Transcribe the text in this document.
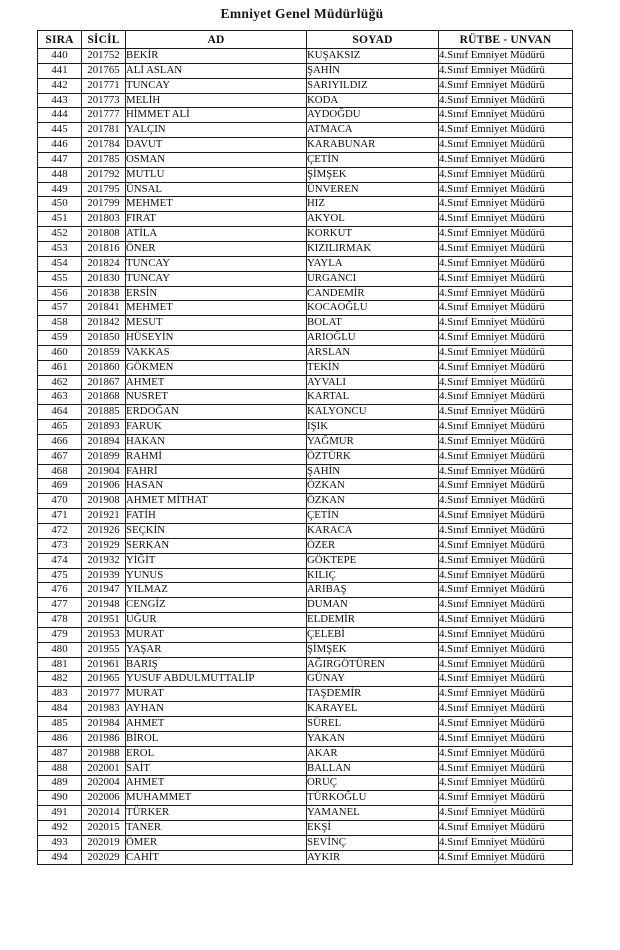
Emniyet Genel Müdürlüğü
SIRA	SİCİL	AD	SOYAD	RÜTBE - UNVAN
440	201752	BEKİR	KUŞAKSIZ	4.Sınıf Emniyet Müdürü
441	201765	ALİ ASLAN	ŞAHİN	4.Sınıf Emniyet Müdürü
442	201771	TUNCAY	SARIYILDIZ	4.Sınıf Emniyet Müdürü
443	201773	MELİH	KODA	4.Sınıf Emniyet Müdürü
444	201777	HİMMET ALİ	AYDOĞDU	4.Sınıf Emniyet Müdürü
445	201781	YALÇIN	ATMACA	4.Sınıf Emniyet Müdürü
446	201784	DAVUT	KARABUNAR	4.Sınıf Emniyet Müdürü
447	201785	OSMAN	ÇETİN	4.Sınıf Emniyet Müdürü
448	201792	MUTLU	ŞİMŞEK	4.Sınıf Emniyet Müdürü
449	201795	ÜNSAL	ÜNVEREN	4.Sınıf Emniyet Müdürü
450	201799	MEHMET	HIZ	4.Sınıf Emniyet Müdürü
451	201803	FIRAT	AKYOL	4.Sınıf Emniyet Müdürü
452	201808	ATİLA	KORKUT	4.Sınıf Emniyet Müdürü
453	201816	ÖNER	KIZILIRMAK	4.Sınıf Emniyet Müdürü
454	201824	TUNCAY	YAYLA	4.Sınıf Emniyet Müdürü
455	201830	TUNCAY	URGANCI	4.Sınıf Emniyet Müdürü
456	201838	ERSİN	CANDEMİR	4.Sınıf Emniyet Müdürü
457	201841	MEHMET	KOCAOĞLU	4.Sınıf Emniyet Müdürü
458	201842	MESUT	BOLAT	4.Sınıf Emniyet Müdürü
459	201850	HÜSEYİN	ARIOĞLU	4.Sınıf Emniyet Müdürü
460	201859	VAKKAS	ARSLAN	4.Sınıf Emniyet Müdürü
461	201860	GÖKMEN	TEKİN	4.Sınıf Emniyet Müdürü
462	201867	AHMET	AYVALI	4.Sınıf Emniyet Müdürü
463	201868	NUSRET	KARTAL	4.Sınıf Emniyet Müdürü
464	201885	ERDOĞAN	KALYONCU	4.Sınıf Emniyet Müdürü
465	201893	FARUK	IŞIK	4.Sınıf Emniyet Müdürü
466	201894	HAKAN	YAĞMUR	4.Sınıf Emniyet Müdürü
467	201899	RAHMİ	ÖZTÜRK	4.Sınıf Emniyet Müdürü
468	201904	FAHRİ	ŞAHİN	4.Sınıf Emniyet Müdürü
469	201906	HASAN	ÖZKAN	4.Sınıf Emniyet Müdürü
470	201908	AHMET MİTHAT	ÖZKAN	4.Sınıf Emniyet Müdürü
471	201921	FATİH	ÇETİN	4.Sınıf Emniyet Müdürü
472	201926	SEÇKİN	KARACA	4.Sınıf Emniyet Müdürü
473	201929	SERKAN	ÖZER	4.Sınıf Emniyet Müdürü
474	201932	YİĞİT	GÖKTEPE	4.Sınıf Emniyet Müdürü
475	201939	YUNUS	KILIÇ	4.Sınıf Emniyet Müdürü
476	201947	YILMAZ	ARIBAŞ	4.Sınıf Emniyet Müdürü
477	201948	CENGİZ	DUMAN	4.Sınıf Emniyet Müdürü
478	201951	UĞUR	ELDEMİR	4.Sınıf Emniyet Müdürü
479	201953	MURAT	ÇELEBİ	4.Sınıf Emniyet Müdürü
480	201955	YAŞAR	ŞİMŞEK	4.Sınıf Emniyet Müdürü
481	201961	BARIŞ	AĞIRGÖTÜREN	4.Sınıf Emniyet Müdürü
482	201965	YUSUF ABDULMUTTALİP	GÜNAY	4.Sınıf Emniyet Müdürü
483	201977	MURAT	TAŞDEMİR	4.Sınıf Emniyet Müdürü
484	201983	AYHAN	KARAYEL	4.Sınıf Emniyet Müdürü
485	201984	AHMET	SÜREL	4.Sınıf Emniyet Müdürü
486	201986	BİROL	YAKAN	4.Sınıf Emniyet Müdürü
487	201988	EROL	AKAR	4.Sınıf Emniyet Müdürü
488	202001	SAİT	BALLAN	4.Sınıf Emniyet Müdürü
489	202004	AHMET	ORUÇ	4.Sınıf Emniyet Müdürü
490	202006	MUHAMMET	TÜRKOĞLU	4.Sınıf Emniyet Müdürü
491	202014	TÜRKER	YAMANEL	4.Sınıf Emniyet Müdürü
492	202015	TANER	EKŞİ	4.Sınıf Emniyet Müdürü
493	202019	ÖMER	SEVİNÇ	4.Sınıf Emniyet Müdürü
494	202029	CAHİT	AYKIR	4.Sınıf Emniyet Müdürü
